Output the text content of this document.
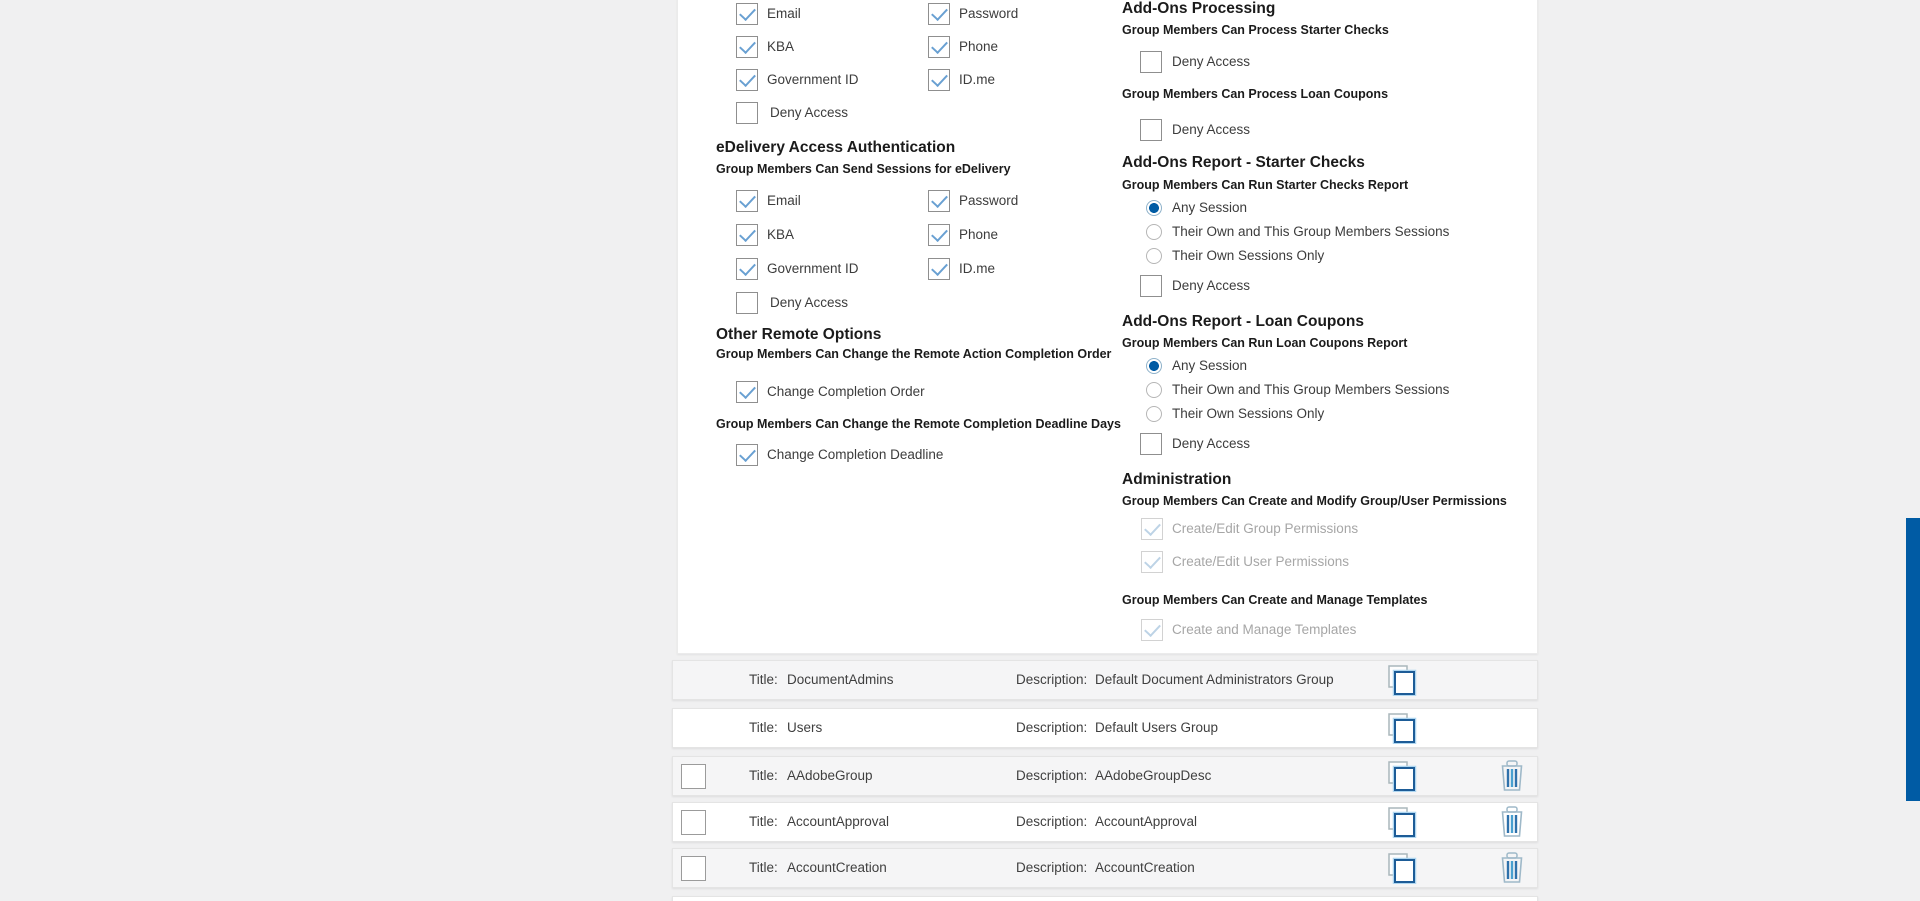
Email	Password
KBA	Phone
Government ID	ID.me
Deny Access
eDelivery Access Authentication
Group Members Can Send Sessions for eDelivery
Email	Password
KBA	Phone
Government ID	ID.me
Deny Access
Other Remote Options
Group Members Can Change the Remote Action Completion Order
Change Completion Order
Group Members Can Change the Remote Completion Deadline Days
Change Completion Deadline
Add-Ons Processing
Group Members Can Process Starter Checks
Deny Access
Group Members Can Process Loan Coupons
Deny Access
Add-Ons Report - Starter Checks
Group Members Can Run Starter Checks Report
Any Session
Their Own and This Group Members Sessions
Their Own Sessions Only
Deny Access
Add-Ons Report - Loan Coupons
Group Members Can Run Loan Coupons Report
Any Session
Their Own and This Group Members Sessions
Their Own Sessions Only
Deny Access
Administration
Group Members Can Create and Modify Group/User Permissions
Create/Edit Group Permissions
Create/Edit User Permissions
Group Members Can Create and Manage Templates
Create and Manage Templates
Title: DocumentAdmins	Description: Default Document Administrators Group
Title: Users	Description: Default Users Group
Title: AAdobeGroup	Description: AAdobeGroupDesc
Title: AccountApproval	Description: AccountApproval
Title: AccountCreation	Description: AccountCreation
